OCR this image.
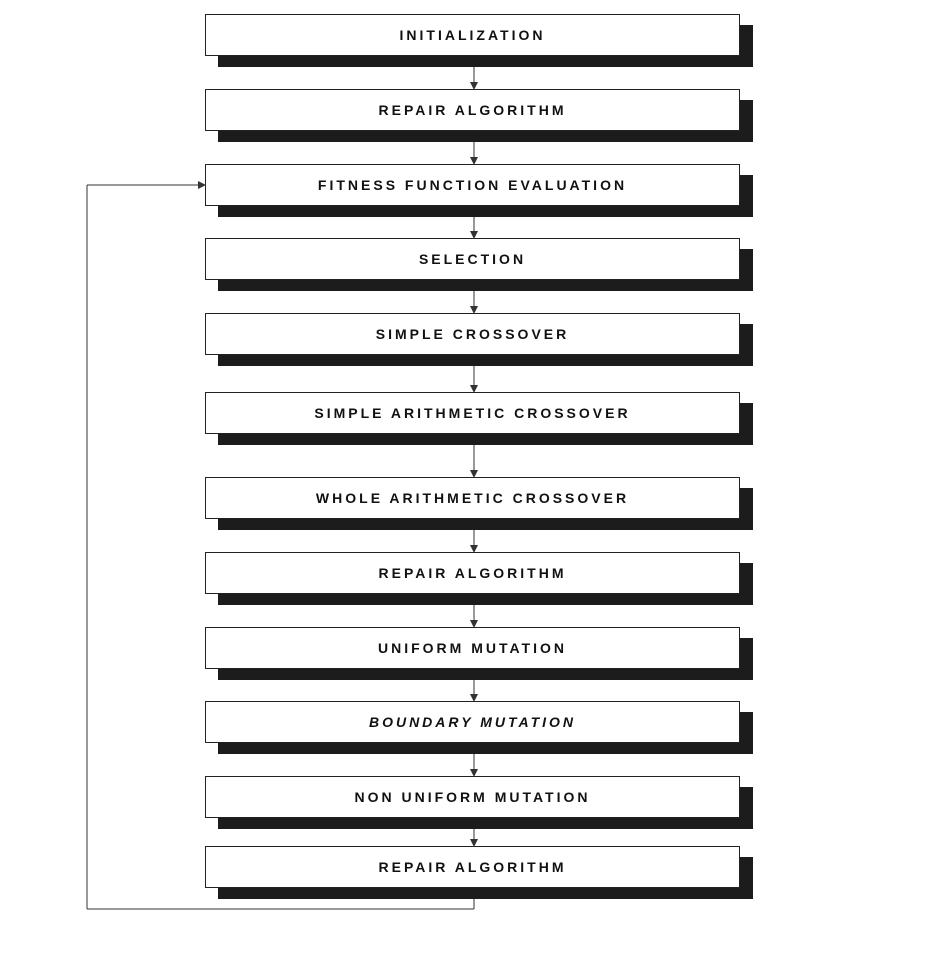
INITIALIZATION
REPAIR ALGORITHM
FITNESS FUNCTION EVALUATION
SELECTION
SIMPLE CROSSOVER
SIMPLE ARITHMETIC CROSSOVER
WHOLE ARITHMETIC CROSSOVER
REPAIR ALGORITHM
UNIFORM MUTATION
BOUNDARY MUTATION
NON UNIFORM MUTATION
REPAIR ALGORITHM
